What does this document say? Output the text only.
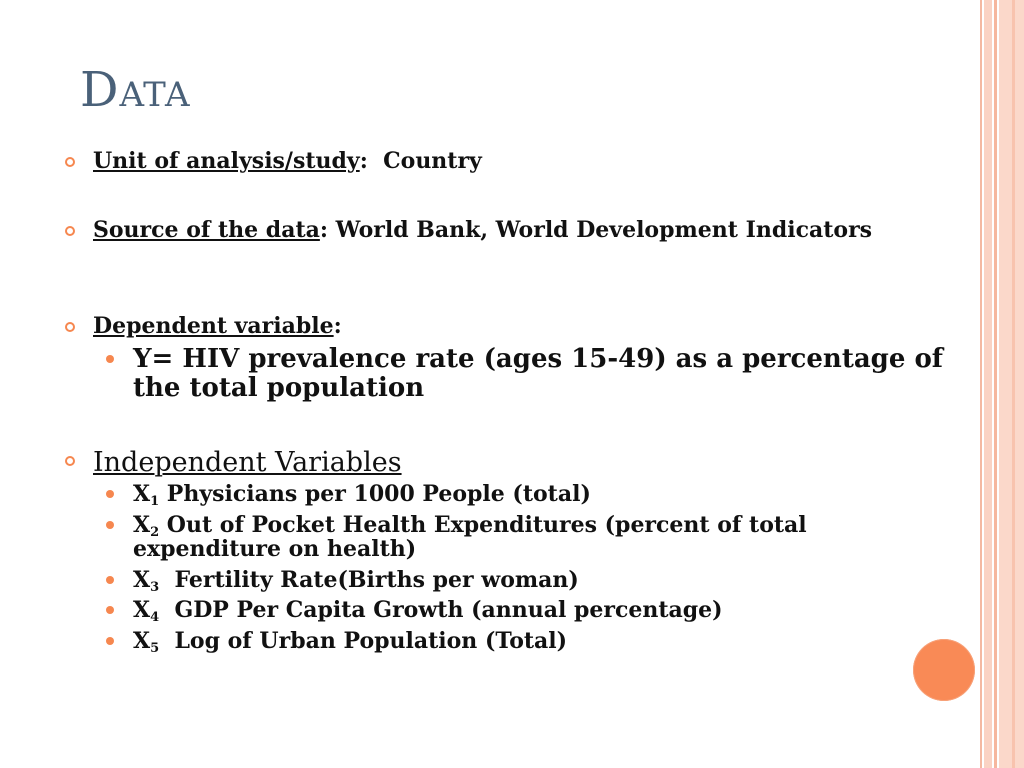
Data
Unit of analysis/study:  Country
Source of the data: World Bank, World Development Indicators
Dependent variable:
Y= HIV prevalence rate (ages 15-49) as a percentage of the total population
Independent Variables
$X_1$ Physicians per 1000 People (total)
$X_2$ Out of Pocket Health Expenditures (percent of total expenditure on health)
$X_3$  Fertility Rate(Births per woman)
$X_4$  GDP Per Capita Growth (annual percentage)
$X_5$  Log of Urban Population (Total)
